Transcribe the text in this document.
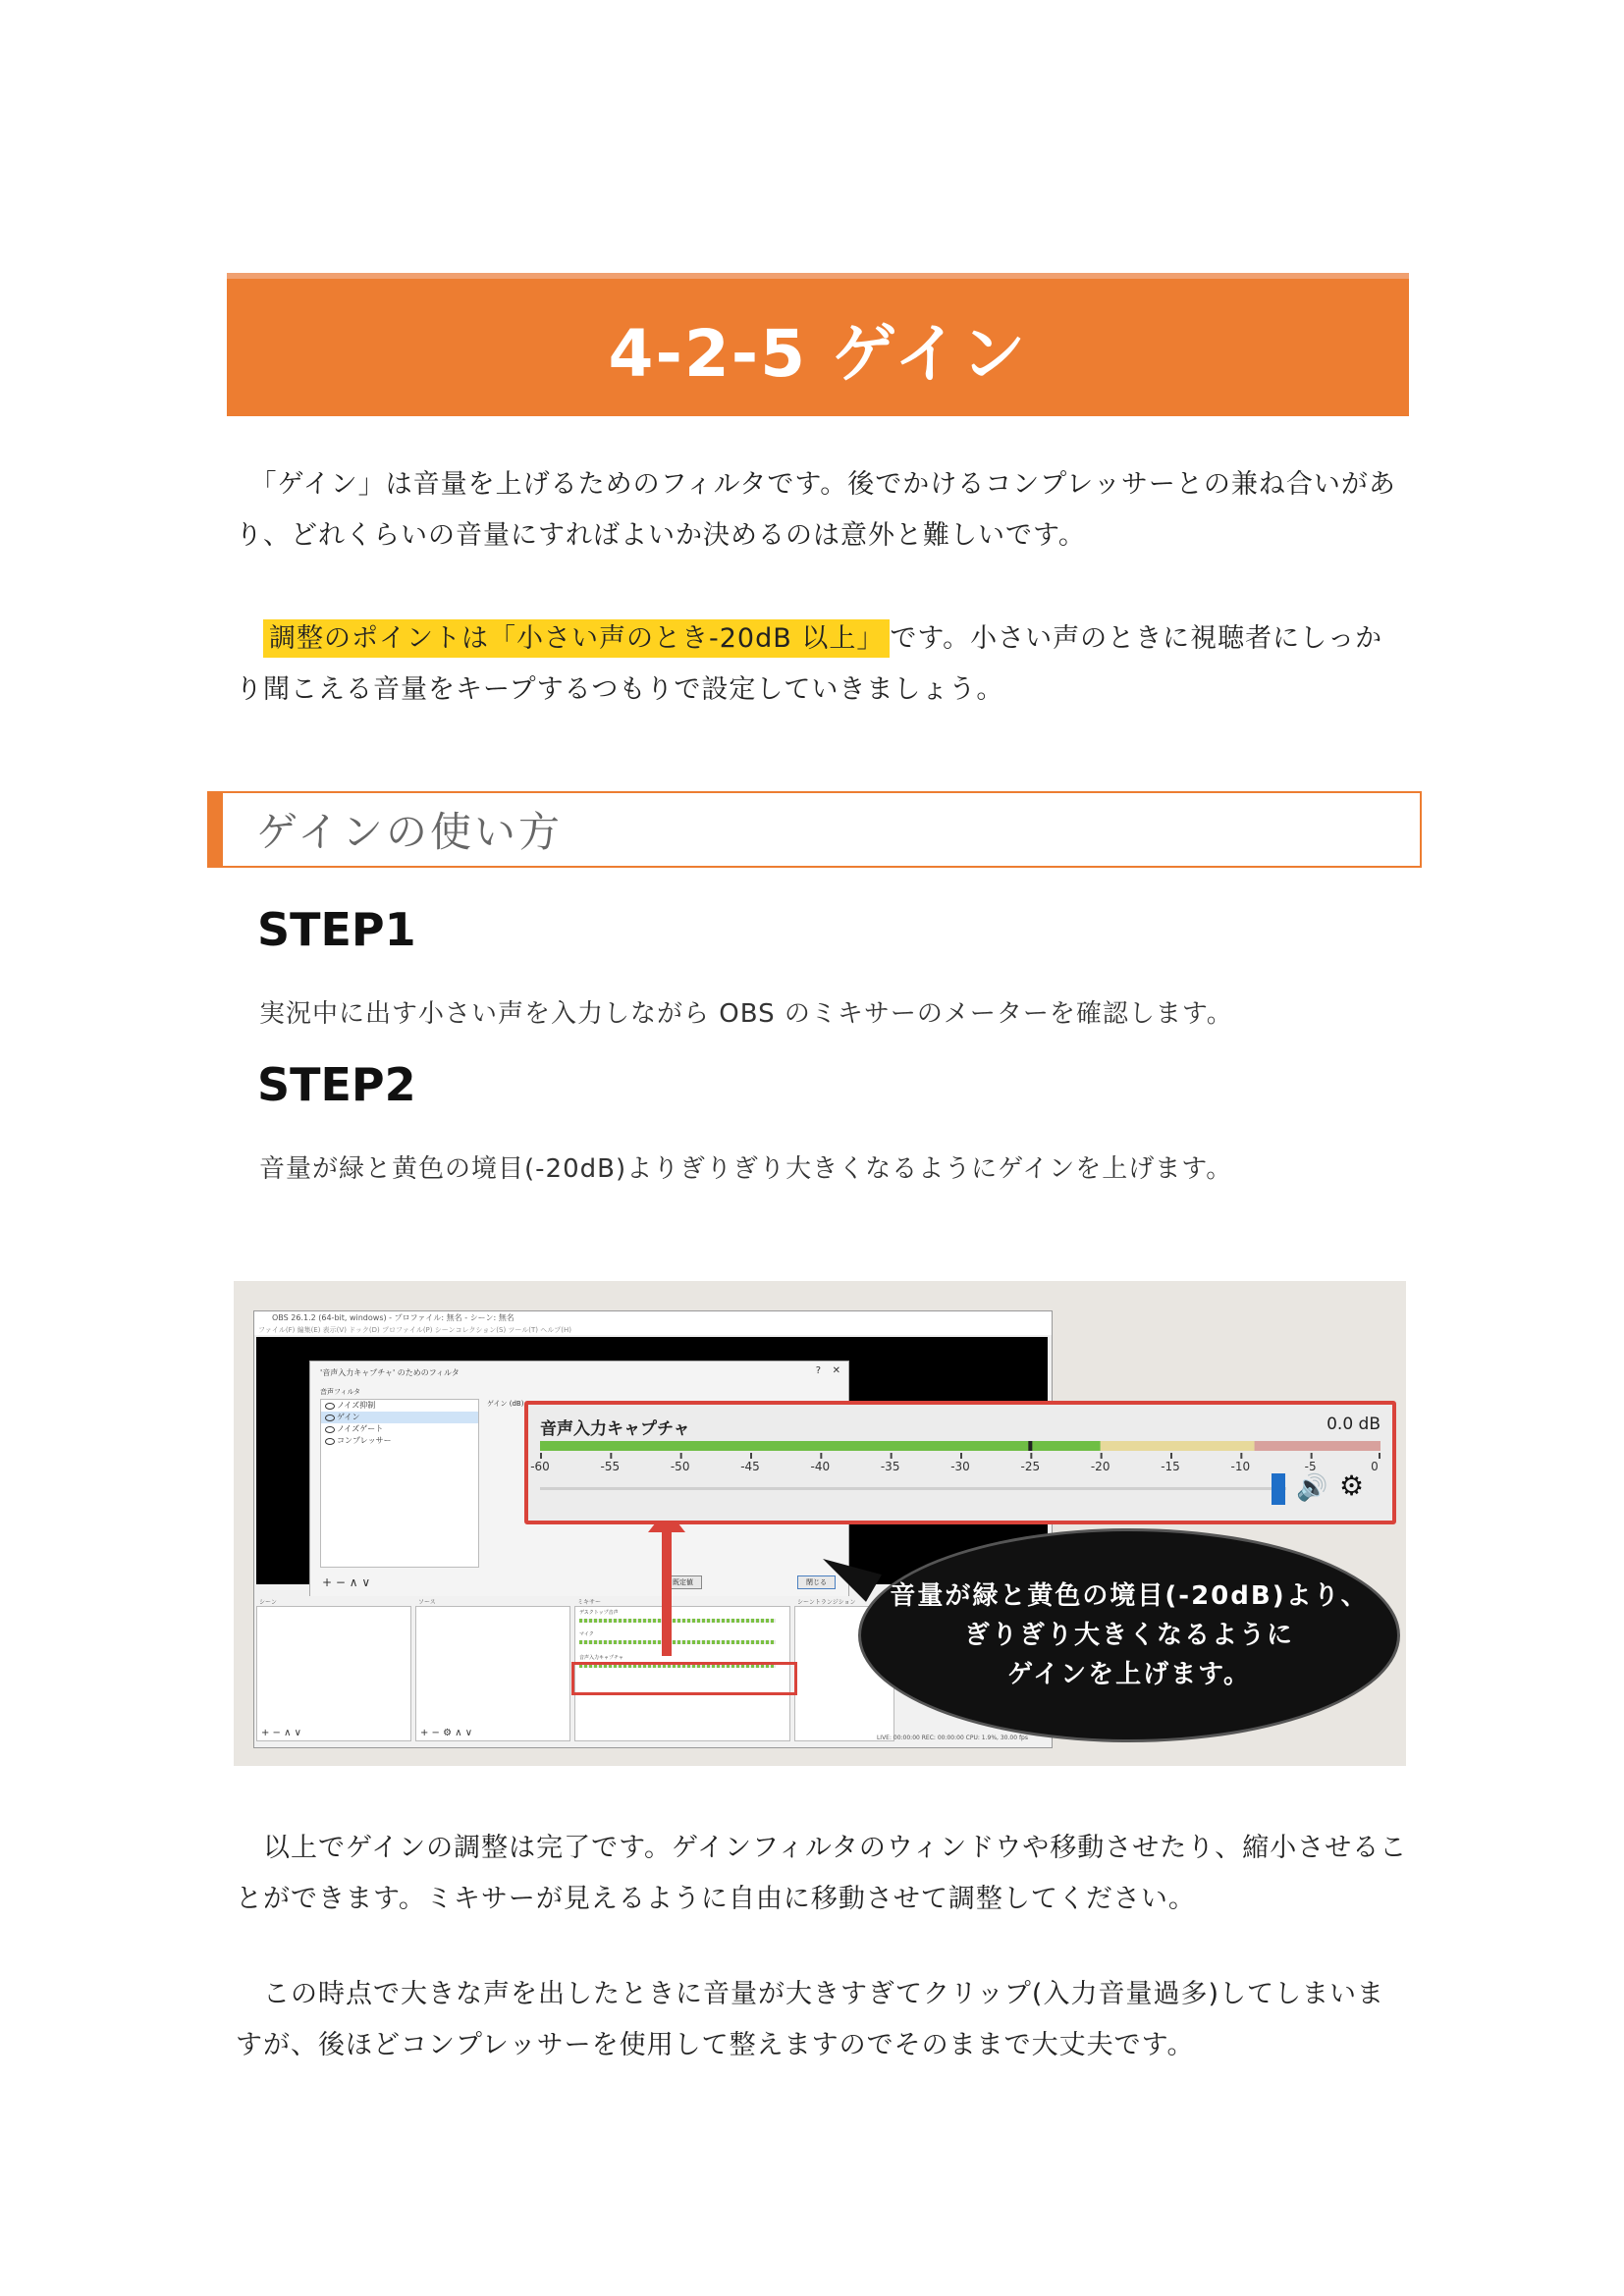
4-2-5 ゲイン

　「ゲイン」は音量を上げるためのフィルタです。後でかけるコンプレッサーとの兼ね合いがあり、どれくらいの音量にすればよいか決めるのは意外と難しいです。

　調整のポイントは「小さい声のとき-20dB 以上」 です。小さい声のときに視聴者にしっかり聞こえる音量をキープするつもりで設定していきましょう。

ゲインの使い方
STEP1

実況中に出す小さい声を入力しながら OBS のミキサーのメーターを確認します。

STEP2

音量が緑と黄色の境目(-20dB)よりぎりぎり大きくなるようにゲインを上げます。

OBS 26.1.2 (64-bit, windows) - プロファイル: 無名 - シーン: 無名
ファイル(F) 編集(E) 表示(V) ドック(D) プロファイル(P) シーンコレクション(S) ツール(T) ヘルプ(H)
'音声入力キャプチャ' のためのフィルタ	? ✕
音声フィルタ
ノイズ抑制
ゲイン
ノイズゲート
コンプレッサー
ゲイン (dB)
+ − ∧ ∨	既定値	閉じる
シーン
+ − ∧ ∨
ソース
+ − ⚙ ∧ ∨
ミキサー
デスクトップ音声
マイク
音声入力キャプチャ
シーントランジション
LIVE: 00:00:00 REC: 00:00:00 CPU: 1.9%, 30.00 fps
音声入力キャプチャ	0.0 dB
-60	-55	-50	-45	-40	-35	-30	-25	-20	-15	-10	-5	0
🔊 ⚙
音量が緑と黄色の境目(-20dB)より、
ぎりぎり大きくなるように
ゲインを上げます。

　以上でゲインの調整は完了です。ゲインフィルタのウィンドウや移動させたり、縮小させることができます。ミキサーが見えるように自由に移動させて調整してください。

　この時点で大きな声を出したときに音量が大きすぎてクリップ(入力音量過多)してしまいますが、後ほどコンプレッサーを使用して整えますのでそのままで大丈夫です。
